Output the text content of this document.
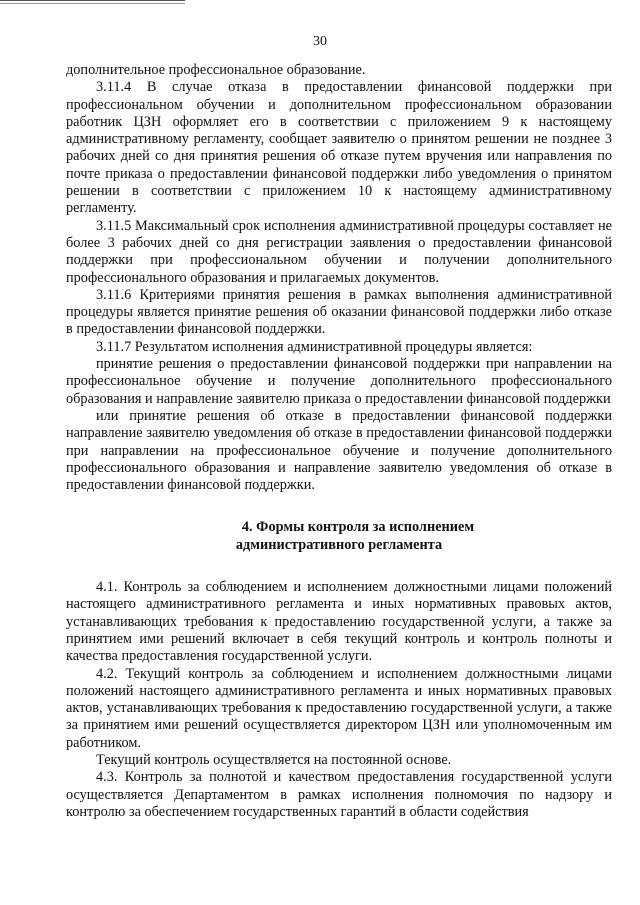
30

дополнительное профессиональное образование.

3.11.4 В случае отказа в предоставлении финансовой поддержки при профессиональном обучении и дополнительном профессиональном образовании работник ЦЗН оформляет его в соответствии с приложением 9 к настоящему административному регламенту, сообщает заявителю о принятом решении не позднее 3 рабочих дней со дня принятия решения об отказе путем вручения или направления по почте приказа о предоставлении финансовой поддержки либо уведомления о принятом решении в соответствии с приложением 10 к настоящему административному регламенту.

3.11.5 Максимальный срок исполнения административной процедуры составляет не более 3 рабочих дней со дня регистрации заявления о предоставлении финансовой поддержки при профессиональном обучении и получении дополнительного профессионального образования и прилагаемых документов.

3.11.6 Критериями принятия решения в рамках выполнения административной процедуры является принятие решения об оказании финансовой поддержки либо отказе в предоставлении финансовой поддержки.

3.11.7 Результатом исполнения административной процедуры является:

принятие решения о предоставлении финансовой поддержки при направлении на профессиональное обучение и получение дополнительного профессионального образования и направление заявителю приказа о предоставлении финансовой поддержки

или принятие решения об отказе в предоставлении финансовой поддержки направление заявителю уведомления об отказе в предоставлении финансовой поддержки при направлении на профессиональное обучение и получение дополнительного профессионального образования и направление заявителю уведомления об отказе в предоставлении финансовой поддержки.

4. Формы контроля за исполнением
административного регламента

4.1. Контроль за соблюдением и исполнением должностными лицами положений настоящего административного регламента и иных нормативных правовых актов, устанавливающих требования к предоставлению государственной услуги, а также за принятием ими решений включает в себя текущий контроль и контроль полноты и качества предоставления государственной услуги.

4.2. Текущий контроль за соблюдением и исполнением должностными лицами положений настоящего административного регламента и иных нормативных правовых актов, устанавливающих требования к предоставлению государственной услуги, а также за принятием ими решений осуществляется директором ЦЗН или уполномоченным им работником.

Текущий контроль осуществляется на постоянной основе.

4.3. Контроль за полнотой и качеством предоставления государственной услуги осуществляется Департаментом в рамках исполнения полномочия по надзору и контролю за обеспечением государственных гарантий в области содействия
